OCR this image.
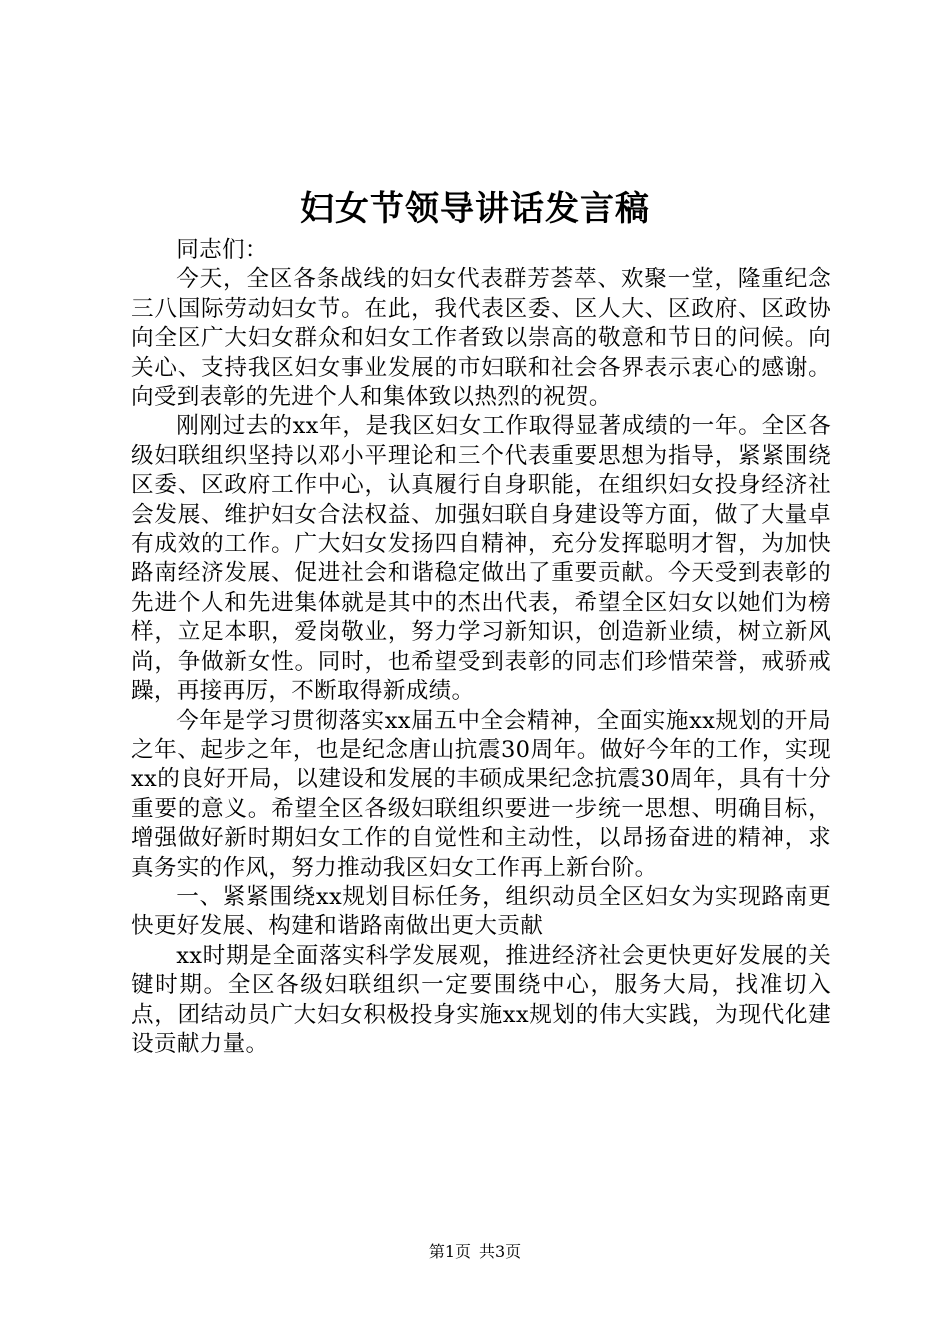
妇女节领导讲话发言稿

同志们：

今天，全区各条战线的妇女代表群芳荟萃、欢聚一堂，隆重纪念三八国际劳动妇女节。在此，我代表区委、区人大、区政府、区政协向全区广大妇女群众和妇女工作者致以崇高的敬意和节日的问候。向关心、支持我区妇女事业发展的市妇联和社会各界表示衷心的感谢。向受到表彰的先进个人和集体致以热烈的祝贺。

刚刚过去的xx年，是我区妇女工作取得显著成绩的一年。全区各级妇联组织坚持以邓小平理论和三个代表重要思想为指导，紧紧围绕区委、区政府工作中心，认真履行自身职能，在组织妇女投身经济社会发展、维护妇女合法权益、加强妇联自身建设等方面，做了大量卓有成效的工作。广大妇女发扬四自精神，充分发挥聪明才智，为加快路南经济发展、促进社会和谐稳定做出了重要贡献。今天受到表彰的先进个人和先进集体就是其中的杰出代表，希望全区妇女以她们为榜样，立足本职，爱岗敬业，努力学习新知识，创造新业绩，树立新风尚，争做新女性。同时，也希望受到表彰的同志们珍惜荣誉，戒骄戒躁，再接再厉，不断取得新成绩。

今年是学习贯彻落实xx届五中全会精神，全面实施xx规划的开局之年、起步之年，也是纪念唐山抗震30周年。做好今年的工作，实现xx的良好开局，以建设和发展的丰硕成果纪念抗震30周年，具有十分重要的意义。希望全区各级妇联组织要进一步统一思想、明确目标，增强做好新时期妇女工作的自觉性和主动性，以昂扬奋进的精神，求真务实的作风，努力推动我区妇女工作再上新台阶。

一、紧紧围绕xx规划目标任务，组织动员全区妇女为实现路南更快更好发展、构建和谐路南做出更大贡献

xx时期是全面落实科学发展观，推进经济社会更快更好发展的关键时期。全区各级妇联组织一定要围绕中心，服务大局，找准切入点，团结动员广大妇女积极投身实施xx规划的伟大实践，为现代化建设贡献力量。

第1页 共3页
